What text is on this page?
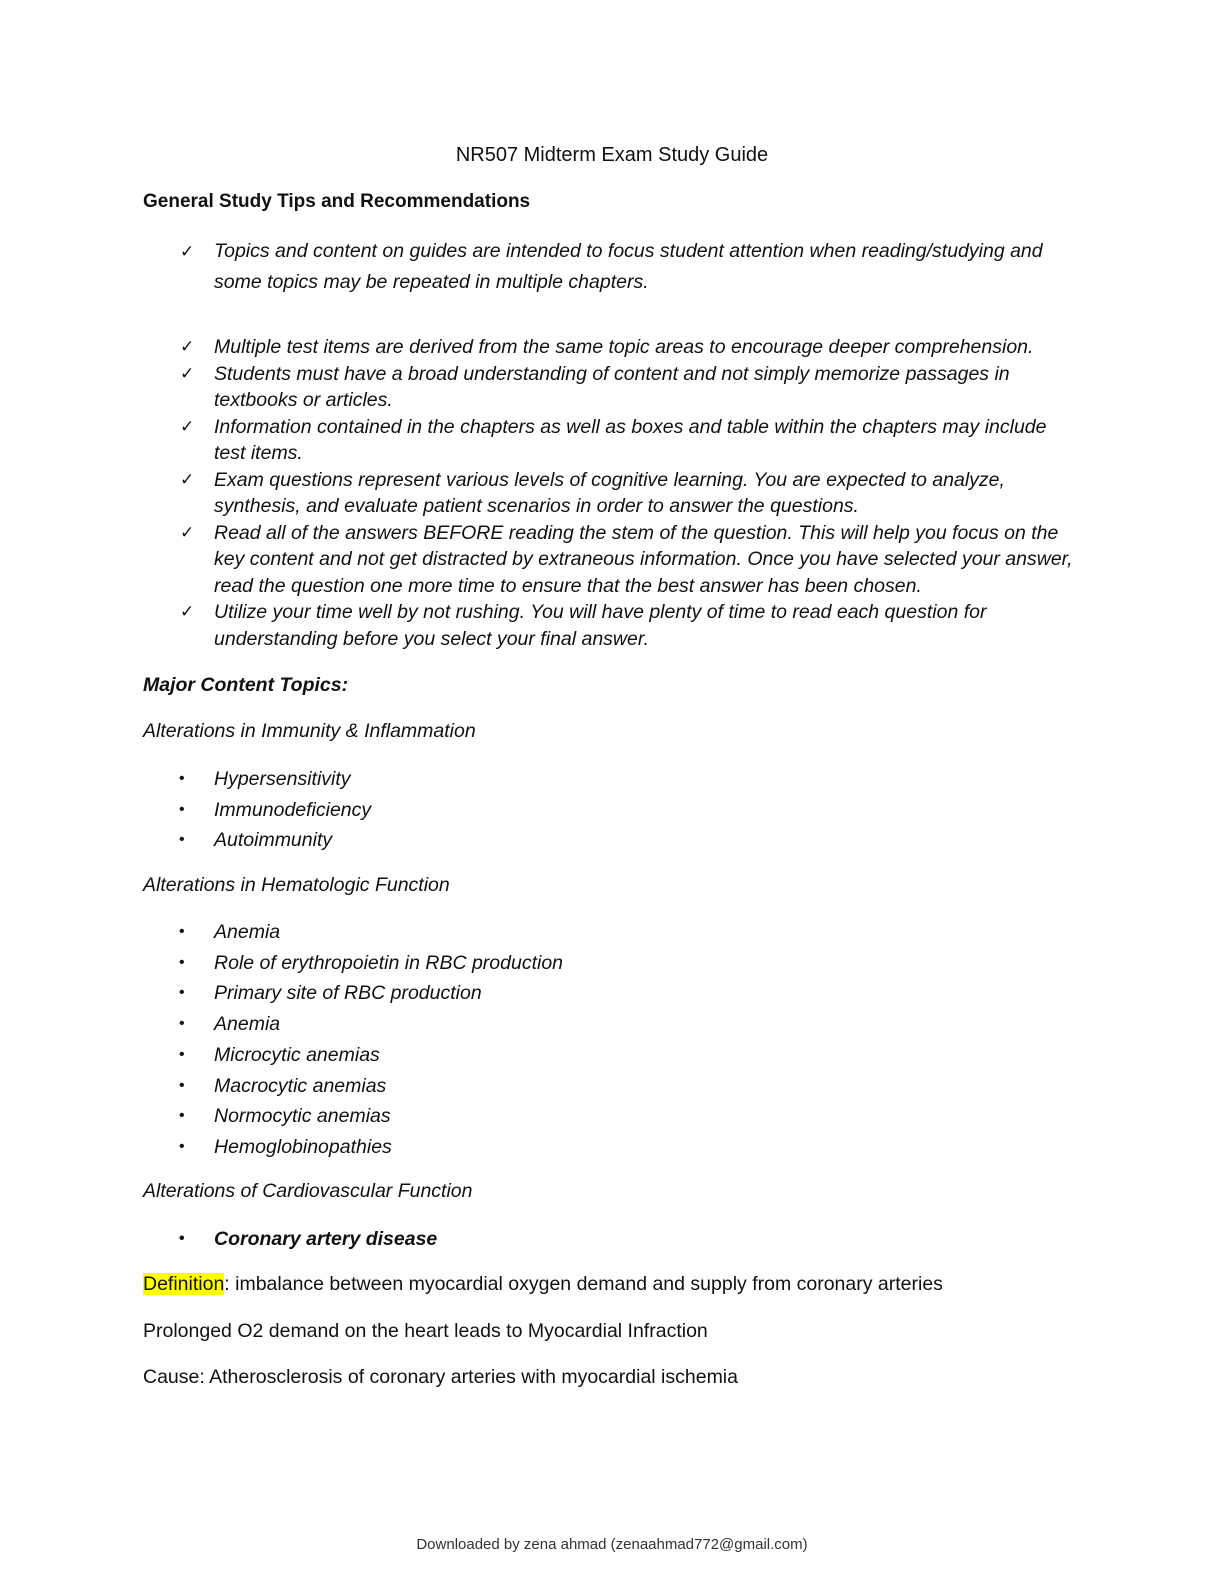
NR507 Midterm Exam Study Guide
General Study Tips and Recommendations
✓ Topics and content on guides are intended to focus student attention when reading/studying and some topics may be repeated in multiple chapters.
✓ Multiple test items are derived from the same topic areas to encourage deeper comprehension.
✓ Students must have a broad understanding of content and not simply memorize passages in textbooks or articles.
✓ Information contained in the chapters as well as boxes and table within the chapters may include test items.
✓ Exam questions represent various levels of cognitive learning. You are expected to analyze, synthesis, and evaluate patient scenarios in order to answer the questions.
✓ Read all of the answers BEFORE reading the stem of the question. This will help you focus on the key content and not get distracted by extraneous information. Once you have selected your answer, read the question one more time to ensure that the best answer has been chosen.
✓ Utilize your time well by not rushing. You will have plenty of time to read each question for understanding before you select your final answer.
Major Content Topics:
Alterations in Immunity & Inflammation
• Hypersensitivity
• Immunodeficiency
• Autoimmunity
Alterations in Hematologic Function
• Anemia
• Role of erythropoietin in RBC production
• Primary site of RBC production
• Anemia
• Microcytic anemias
• Macrocytic anemias
• Normocytic anemias
• Hemoglobinopathies
Alterations of Cardiovascular Function
• Coronary artery disease
Definition: imbalance between myocardial oxygen demand and supply from coronary arteries
Prolonged O2 demand on the heart leads to Myocardial Infraction
Cause: Atherosclerosis of coronary arteries with myocardial ischemia
Downloaded by zena ahmad (zenaahmad772@gmail.com)
